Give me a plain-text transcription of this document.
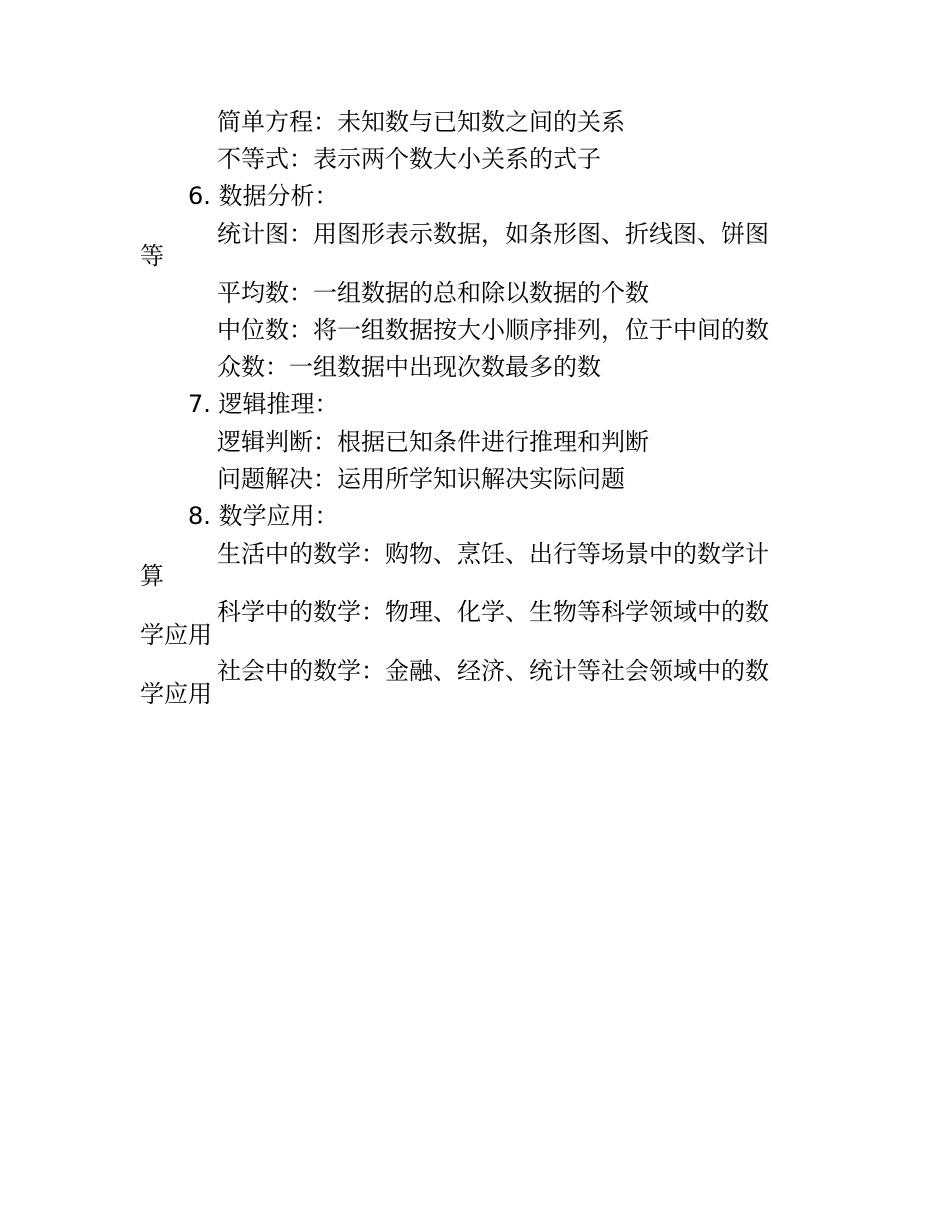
简单方程：未知数与已知数之间的关系
不等式：表示两个数大小关系的式子
6. 数据分析：
统计图：用图形表示数据，如条形图、折线图、饼图
等
平均数：一组数据的总和除以数据的个数
中位数：将一组数据按大小顺序排列，位于中间的数
众数：一组数据中出现次数最多的数
7. 逻辑推理：
逻辑判断：根据已知条件进行推理和判断
问题解决：运用所学知识解决实际问题
8. 数学应用：
生活中的数学：购物、烹饪、出行等场景中的数学计
算
科学中的数学：物理、化学、生物等科学领域中的数
学应用
社会中的数学：金融、经济、统计等社会领域中的数
学应用
